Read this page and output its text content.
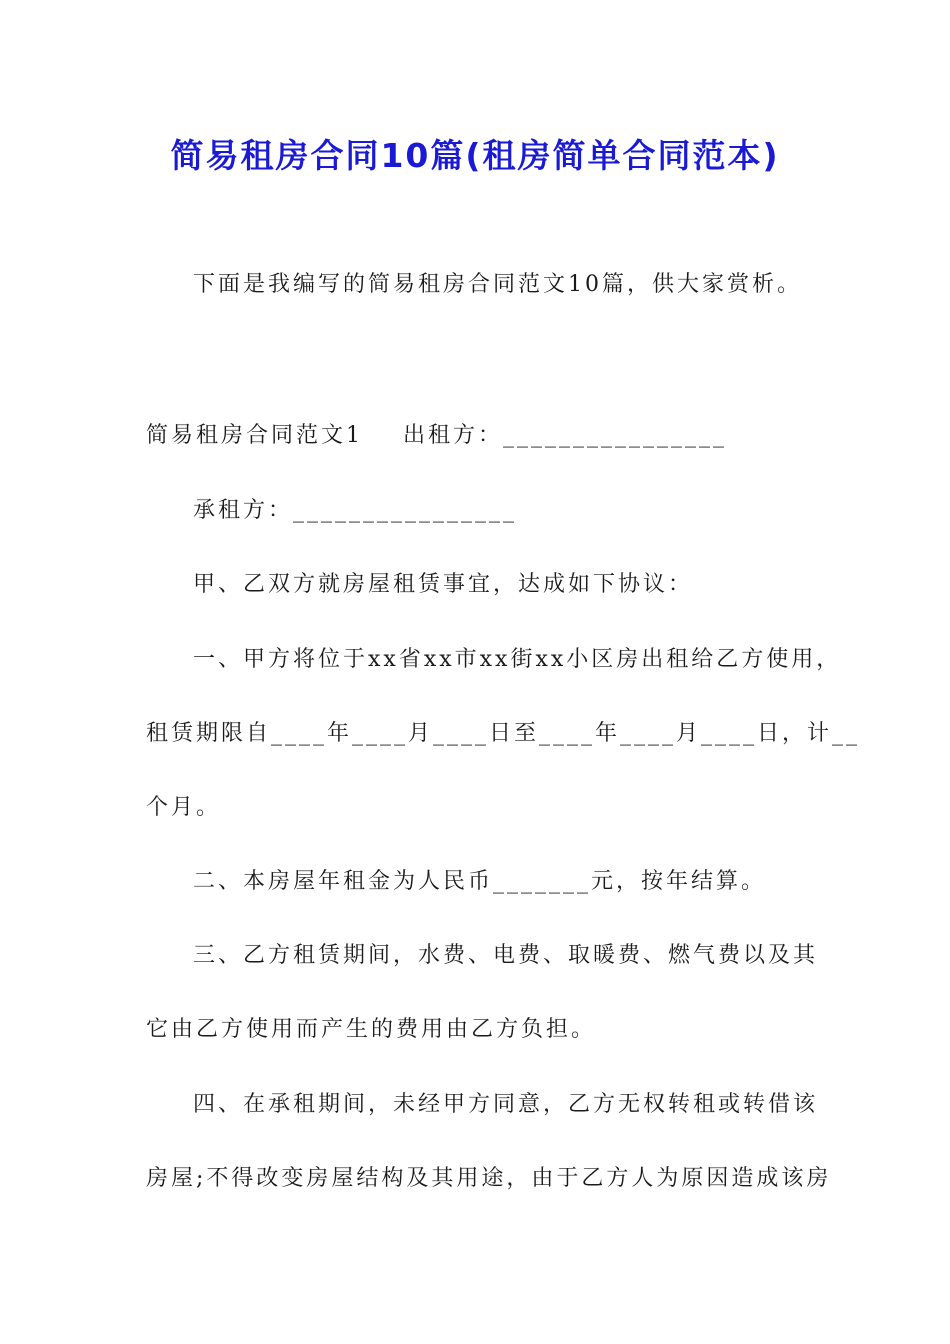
简易租房合同10篇(租房简单合同范本)
下面是我编写的简易租房合同范文10篇，供大家赏析。
简易租房合同范文1 出租方：________________
承租方：________________
甲、乙双方就房屋租赁事宜，达成如下协议：
一、甲方将位于xx省xx市xx街xx小区房出租给乙方使用，
租赁期限自____年____月____日至____年____月____日，计__
个月。
二、本房屋年租金为人民币_______元，按年结算。
三、乙方租赁期间，水费、电费、取暖费、燃气费以及其
它由乙方使用而产生的费用由乙方负担。
四、在承租期间，未经甲方同意，乙方无权转租或转借该
房屋;不得改变房屋结构及其用途，由于乙方人为原因造成该房
